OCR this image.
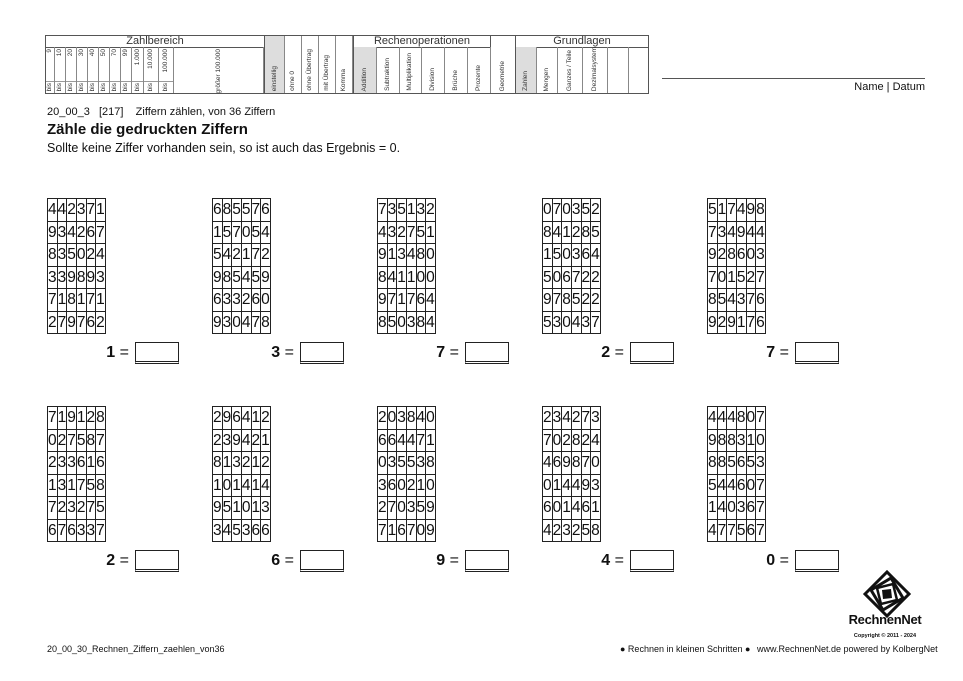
Zahlbereich
9
bis
10
bis
20
bis
30
bis
40
bis
50
bis
70
bis
99
bis
1.000
bis
10.000
bis
100.000
bis	größer 100.000	einstellig ohne 0 ohne Übertrag mit Übertrag Komma
Rechenoperationen
Addition Subtraktion Multiplikation Division Brüche Prozente	Geometrie
Grundlagen
Zahlen Mengen Ganzes / Teile	Dezimalsystem	Name | Datum
20_00_3   [217]    Ziffern zählen, von 36 Ziffern
Zähle die gedruckten Ziffern
Sollte keine Ziffer vorhanden sein, so ist auch das Ergebnis = 0.
4	4	2	3	7	1
9	3	4	2	6	7
8	3	5	0	2	4
3	3	9	8	9	3
7	1	8	1	7	1
2	7	9	7	6	2
1 =
6	8	5	5	7	6
1	5	7	0	5	4
5	4	2	1	7	2
9	8	5	4	5	9
6	3	3	2	6	0
9	3	0	4	7	8
3 =
7	3	5	1	3	2
4	3	2	7	5	1
9	1	3	4	8	0
8	4	1	1	0	0
9	7	1	7	6	4
8	5	0	3	8	4
7 =
0	7	0	3	5	2
8	4	1	2	8	5
1	5	0	3	6	4
5	0	6	7	2	2
9	7	8	5	2	2
5	3	0	4	3	7
2 =
5	1	7	4	9	8
7	3	4	9	4	4
9	2	8	6	0	3
7	0	1	5	2	7
8	5	4	3	7	6
9	2	9	1	7	6
7 =
7	1	9	1	2	8
0	2	7	5	8	7
2	3	3	6	1	6
1	3	1	7	5	8
7	2	3	2	7	5
6	7	6	3	3	7
2 =
2	9	6	4	1	2
2	3	9	4	2	1
8	1	3	2	1	2
1	0	1	4	1	4
9	5	1	0	1	3
3	4	5	3	6	6
6 =
2	0	3	8	4	0
6	6	4	4	7	1
0	3	5	5	3	8
3	6	0	2	1	0
2	7	0	3	5	9
7	1	6	7	0	9
9 =
2	3	4	2	7	3
7	0	2	8	2	4
4	6	9	8	7	0
0	1	4	4	9	3
6	0	1	4	6	1
4	2	3	2	5	8
4 =
4	4	4	8	0	7
9	8	8	3	1	0
8	8	5	6	5	3
5	4	4	6	0	7
1	4	0	3	6	7
4	7	7	5	6	7
0 =
RechnenNet
Copyright © 2011 - 2024
20_00_30_Rechnen_Ziffern_zaehlen_von36	● Rechnen in kleinen Schritten ● www.RechnenNet.de powered by KolbergNet
